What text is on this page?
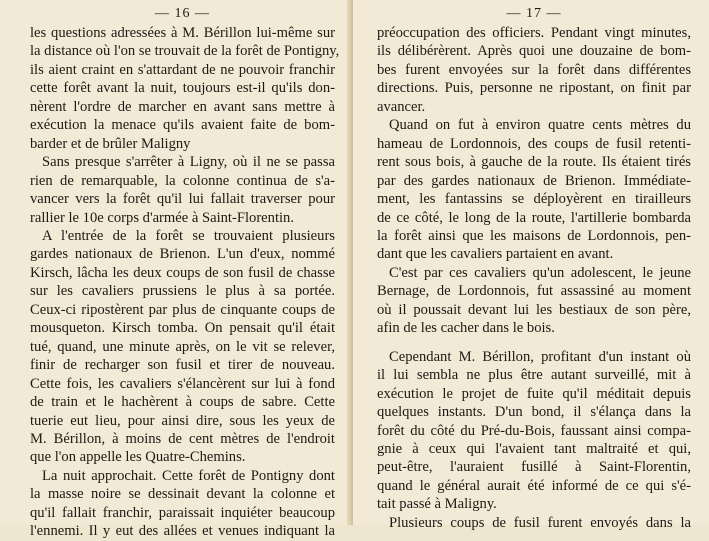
— 16 —
les questions adressées à M. Bérillon lui-même sur
la distance où l'on se trouvait de la forêt de Pontigny,
ils aient craint en s'attardant de ne pouvoir franchir
cette forêt avant la nuit, toujours est-il qu'ils don-
nèrent l'ordre de marcher en avant sans mettre à
exécution la menace qu'ils avaient faite de bom-
barder et de brûler Maligny
Sans presque s'arrêter à Ligny, où il ne se passa
rien de remarquable, la colonne continua de s'a-
vancer vers la forêt qu'il lui fallait traverser pour
rallier le 10e corps d'armée à Saint-Florentin.
A l'entrée de la forêt se trouvaient plusieurs
gardes nationaux de Brienon. L'un d'eux, nommé
Kirsch, lâcha les deux coups de son fusil de chasse
sur les cavaliers prussiens le plus à sa portée.
Ceux-ci ripostèrent par plus de cinquante coups de
mousqueton. Kirsch tomba. On pensait qu'il était
tué, quand, une minute après, on le vit se relever,
finir de recharger son fusil et tirer de nouveau.
Cette fois, les cavaliers s'élancèrent sur lui à fond
de train et le hachèrent à coups de sabre. Cette
tuerie eut lieu, pour ainsi dire, sous les yeux de
M. Bérillon, à moins de cent mètres de l'endroit
que l'on appelle les Quatre-Chemins.
La nuit approchait. Cette forêt de Pontigny dont
la masse noire se dessinait devant la colonne et
qu'il fallait franchir, paraissait inquiéter beaucoup
l'ennemi. Il y eut des allées et venues indiquant la
— 17 —
préoccupation des officiers. Pendant vingt minutes,
ils délibérèrent. Après quoi une douzaine de bom-
bes furent envoyées sur la forêt dans différentes
directions. Puis, personne ne ripostant, on finit par
avancer.
Quand on fut à environ quatre cents mètres du
hameau de Lordonnois, des coups de fusil retenti-
rent sous bois, à gauche de la route. Ils étaient tirés
par des gardes nationaux de Brienon. Immédiate-
ment, les fantassins se déployèrent en tirailleurs
de ce côté, le long de la route, l'artillerie bombarda
la forêt ainsi que les maisons de Lordonnois, pen-
dant que les cavaliers partaient en avant.
C'est par ces cavaliers qu'un adolescent, le jeune
Bernage, de Lordonnois, fut assassiné au moment
où il poussait devant lui les bestiaux de son père,
afin de les cacher dans le bois.
Cependant M. Bérillon, profitant d'un instant où
il lui sembla ne plus être autant surveillé, mit à
exécution le projet de fuite qu'il méditait depuis
quelques instants. D'un bond, il s'élança dans la
forêt du côté du Pré-du-Bois, faussant ainsi compa-
gnie à ceux qui l'avaient tant maltraité et qui,
peut-être, l'auraient fusillé à Saint-Florentin,
quand le général aurait été informé de ce qui s'é-
tait passé à Maligny.
Plusieurs coups de fusil furent envoyés dans la
